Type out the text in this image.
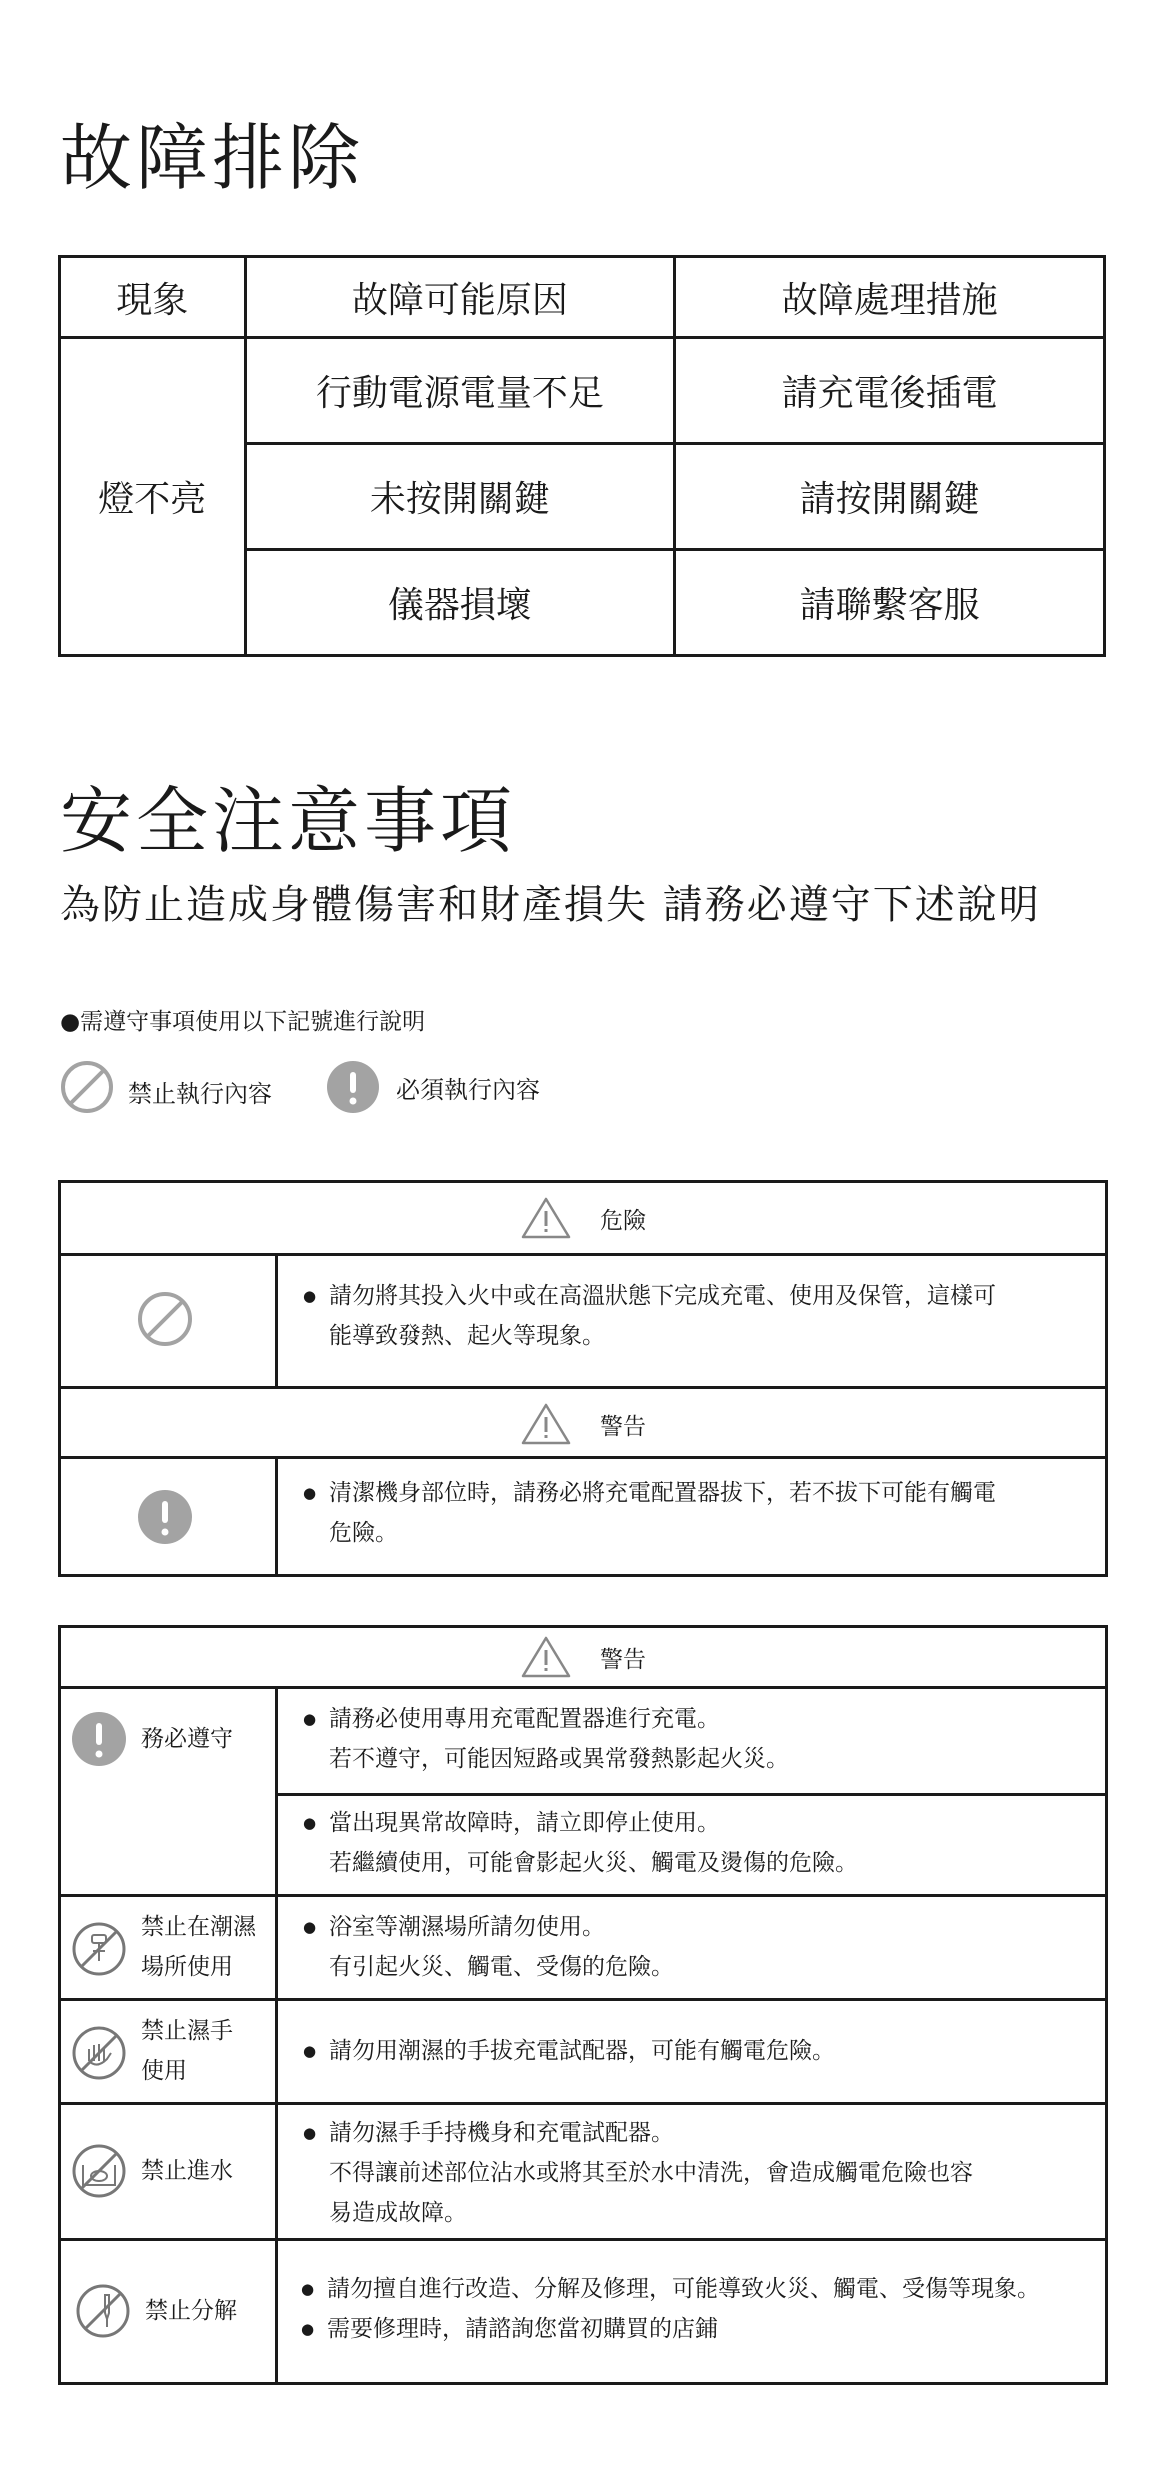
故障排除
現象	故障可能原因	故障處理措施
燈不亮	行動電源電量不足	請充電後插電
	未按開關鍵	請按開關鍵
	儀器損壞	請聯繫客服
安全注意事項
為防止造成身體傷害和財產損失 請務必遵守下述說明
●需遵守事項使用以下記號進行說明
禁止執行內容	必須執行內容
危險
● 請勿將其投入火中或在高溫狀態下完成充電、使用及保管，這樣可
能導致發熱、起火等現象。
警告
● 清潔機身部位時，請務必將充電配置器拔下，若不拔下可能有觸電
危險。
警告
務必遵守
● 請務必使用專用充電配置器進行充電。
若不遵守，可能因短路或異常發熱影起火災。
● 當出現異常故障時，請立即停止使用。
若繼續使用，可能會影起火災、觸電及燙傷的危險。
禁止在潮濕
場所使用
● 浴室等潮濕場所請勿使用。
有引起火災、觸電、受傷的危險。
禁止濕手
使用
● 請勿用潮濕的手拔充電試配器，可能有觸電危險。
禁止進水
● 請勿濕手手持機身和充電試配器。
不得讓前述部位沾水或將其至於水中清洗，會造成觸電危險也容
易造成故障。
禁止分解
● 請勿擅自進行改造、分解及修理，可能導致火災、觸電、受傷等現象。
● 需要修理時，請諮詢您當初購買的店鋪
